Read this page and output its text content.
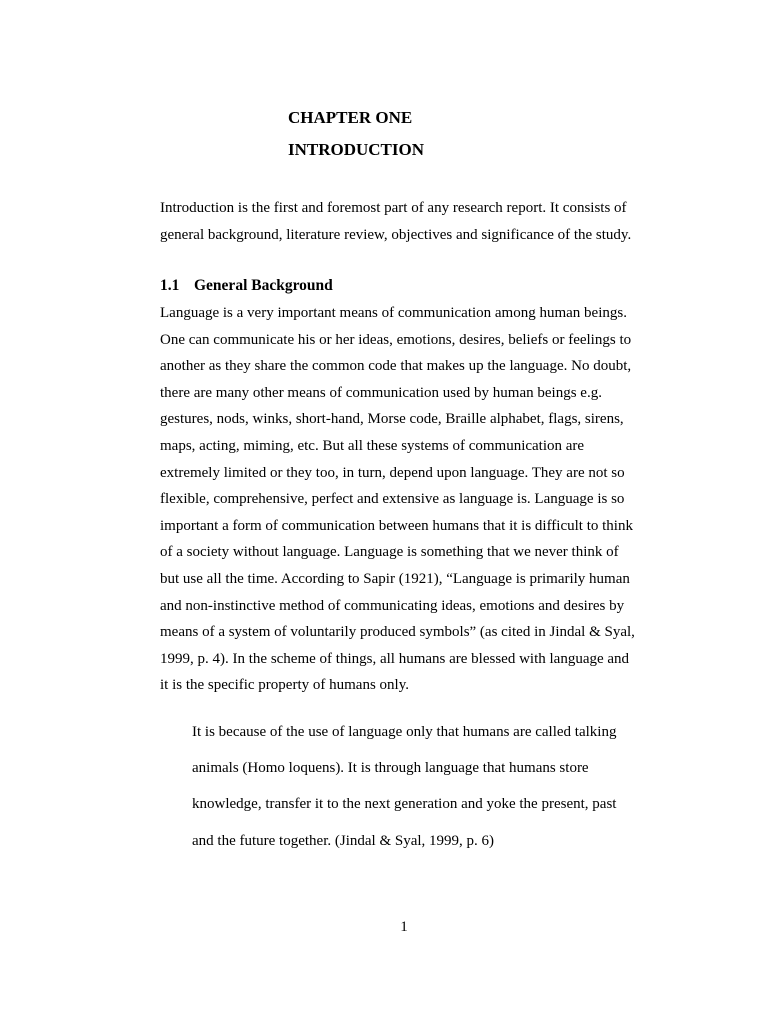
CHAPTER ONE
INTRODUCTION

Introduction is the first and foremost part of any research report. It consists of
general background, literature review, objectives and significance of the study.

1.1 General Background

Language is a very important means of communication among human beings.
One can communicate his or her ideas, emotions, desires, beliefs or feelings to
another as they share the common code that makes up the language. No doubt,
there are many other means of communication used by human beings e.g.
gestures, nods, winks, short-hand, Morse code, Braille alphabet, flags, sirens,
maps, acting, miming, etc. But all these systems of communication are
extremely limited or they too, in turn, depend upon language. They are not so
flexible, comprehensive, perfect and extensive as language is. Language is so
important a form of communication between humans that it is difficult to think
of a society without language. Language is something that we never think of
but use all the time. According to Sapir (1921), “Language is primarily human
and non-instinctive method of communicating ideas, emotions and desires by
means of a system of voluntarily produced symbols” (as cited in Jindal & Syal,
1999, p. 4). In the scheme of things, all humans are blessed with language and
it is the specific property of humans only.

It is because of the use of language only that humans are called talking
animals (Homo loquens). It is through language that humans store
knowledge, transfer it to the next generation and yoke the present, past
and the future together. (Jindal & Syal, 1999, p. 6)
1
